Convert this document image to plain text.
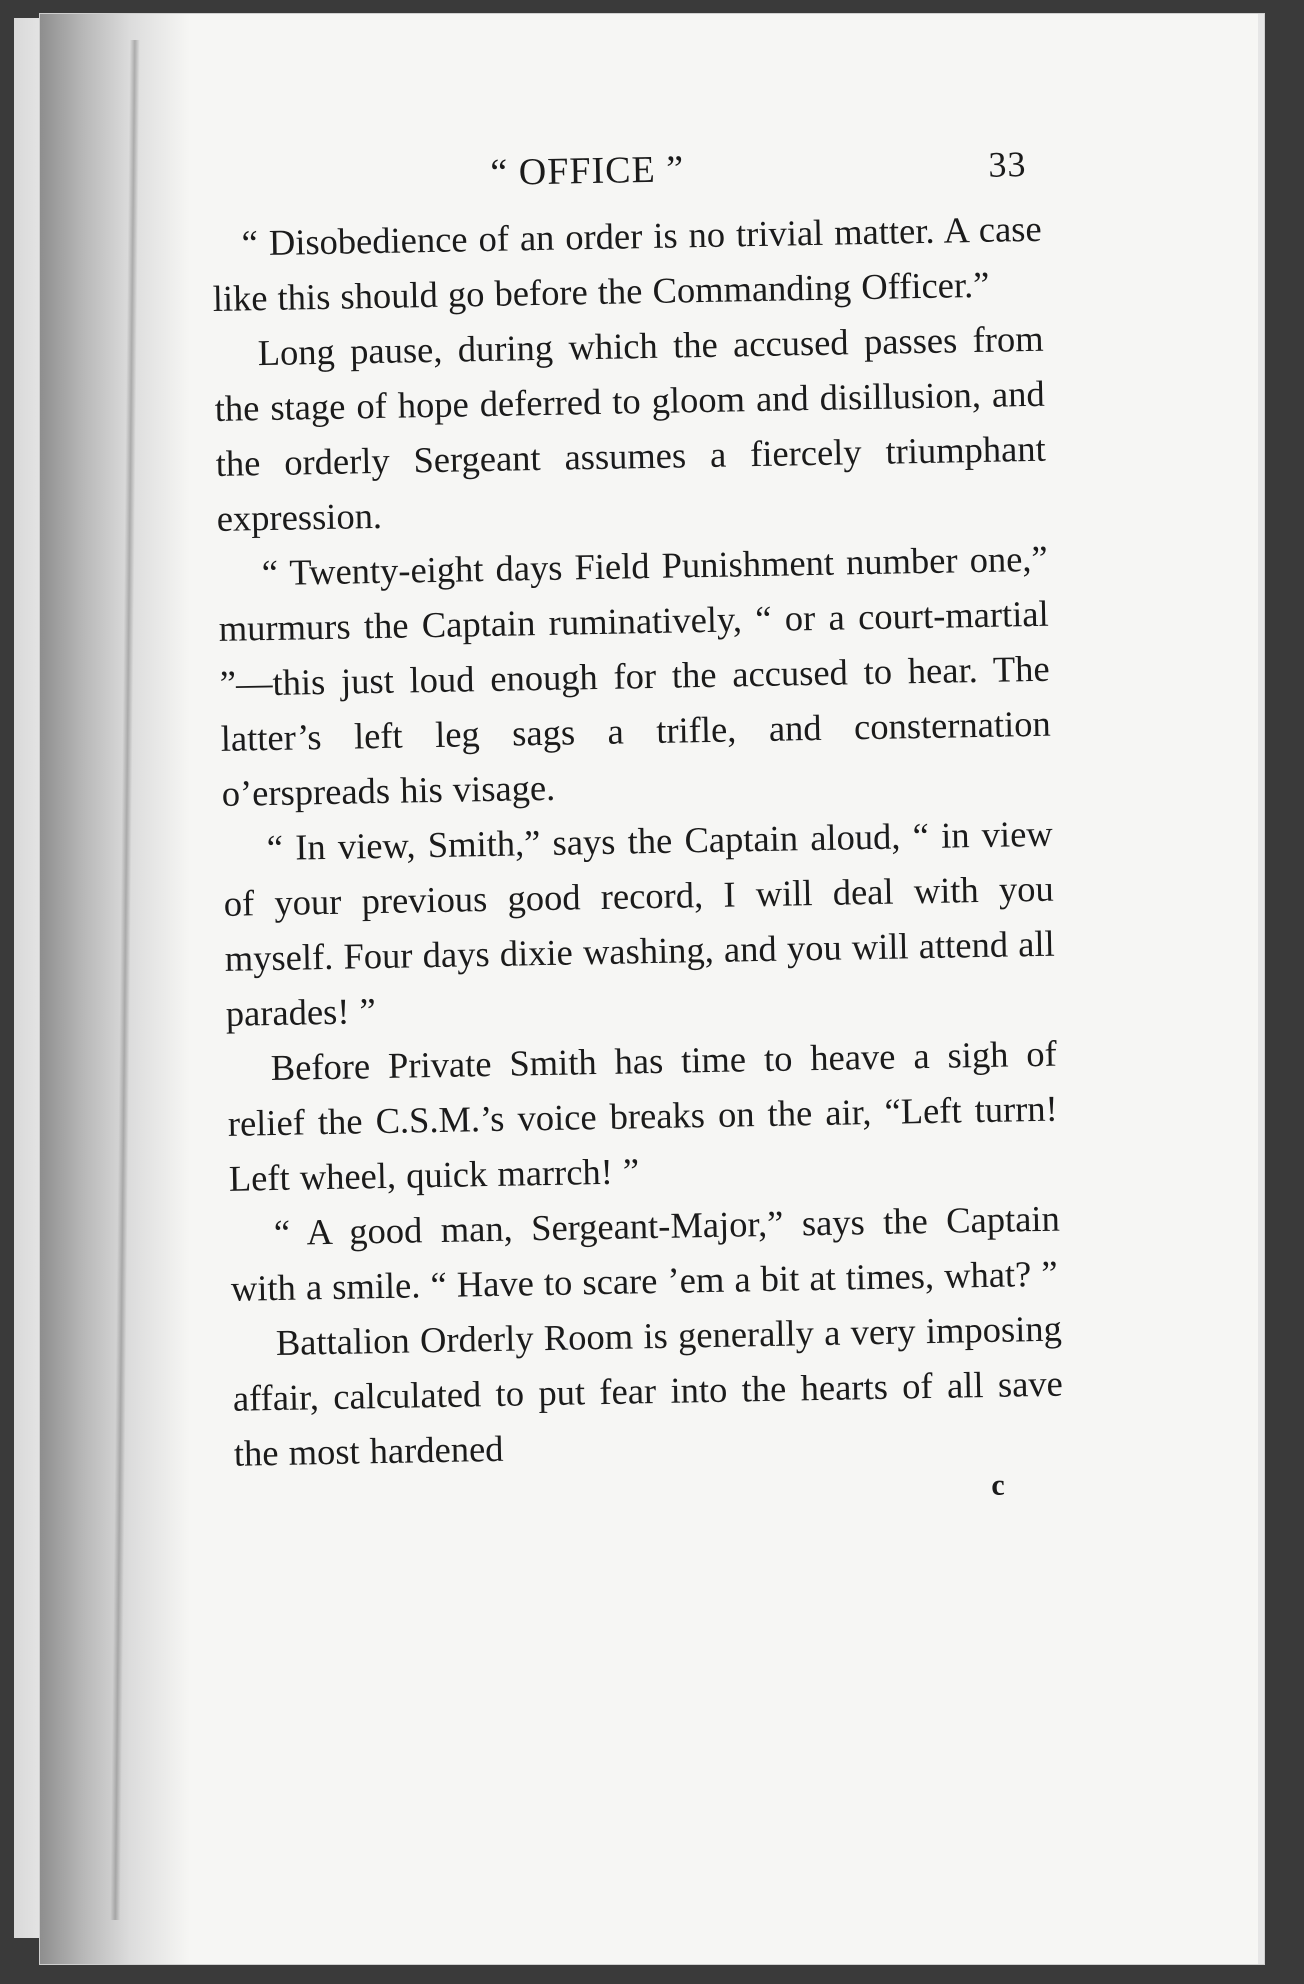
“ OFFICE ”	33

“ Disobedience of an order is no trivial matter. A case like this should go before the Commanding Officer.”

Long pause, during which the accused passes from the stage of hope deferred to gloom and disillusion, and the orderly Sergeant assumes a fiercely triumphant expression.

“ Twenty-eight days Field Punishment number one,” murmurs the Captain ruminatively, “ or a court-martial ”—this just loud enough for the accused to hear. The latter’s left leg sags a trifle, and consternation o’erspreads his visage.

“ In view, Smith,” says the Captain aloud, “ in view of your previous good record, I will deal with you myself. Four days dixie washing, and you will attend all parades! ”

Before Private Smith has time to heave a sigh of relief the C.S.M.’s voice breaks on the air, “Left turrn! Left wheel, quick marrch! ”

“ A good man, Sergeant-Major,” says the Captain with a smile. “ Have to scare ’em a bit at times, what? ”

Battalion Orderly Room is generally a very imposing affair, calculated to put fear into the hearts of all save the most hardened

c
